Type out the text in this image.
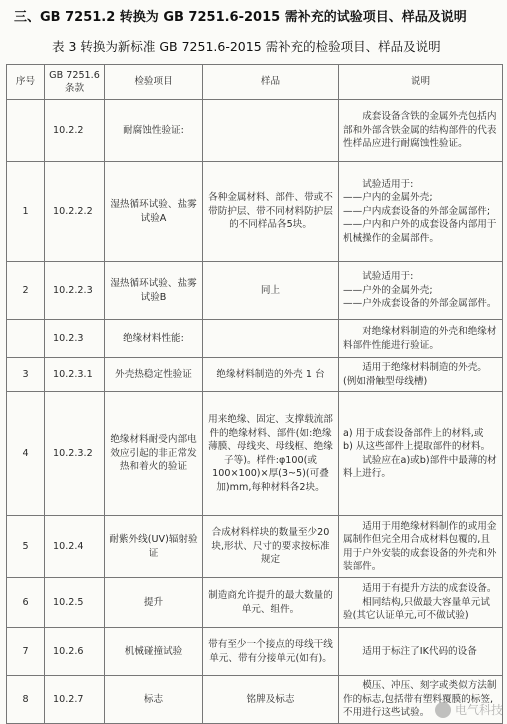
三、GB 7251.2 转换为 GB 7251.6-2015 需补充的试验项目、样品及说明
表 3 转换为新标准 GB 7251.6-2015 需补充的检验项目、样品及说明
序号	GB 7251.6 条款	检验项目	样品	说明
	10.2.2	耐腐蚀性验证:		成套设备含铁的金属外壳包括内部和外部含铁金属的结构部件的代表性样品应进行耐腐蚀性验证。

1	10.2.2.2	湿热循环试验、盐雾试验A	各种金属材料、部件、带或不带防护层、带不同材料防护层的不同样品各5块。	试验适用于:
——户内的金属外壳;
——户内成套设备的外部金属部件;
——户内和户外的成套设备内部用于机械操作的金属部件。

2	10.2.2.3	湿热循环试验、盐雾试验B	同上	试验适用于:
——户外的金属外壳;
——户外成套设备的外部金属部件。

	10.2.3	绝缘材料性能:		对绝缘材料制造的外壳和绝缘材料部件性能进行验证。

3	10.2.3.1	外壳热稳定性验证	绝缘材料制造的外壳 1 台	适用于绝缘材料制造的外壳。(例如滑触型母线槽)

4	10.2.3.2	绝缘材料耐受内部电效应引起的非正常发热和着火的验证	用来绝缘、固定、支撑载流部件的绝缘材料、部件(如:绝缘薄膜、母线夹、母线框、绝缘子等)。样件:φ100(或100×100)×厚(3~5)(可叠加)mm,每种材料各2块。	a) 用于成套设备部件上的材料,或
b) 从这些部件上提取部件的材料。
试验应在a)或b)部件中最薄的材料上进行。

5	10.2.4	耐紫外线(UV)辐射验证	合成材料样块的数量至少20块,形状、尺寸的要求按标准规定	适用于用绝缘材料制作的或用金属制作但完全用合成材料包覆的,且用于户外安装的成套设备的外壳和外装部件。

6	10.2.5	提升	制造商允许提升的最大数量的单元、组件。	适用于有提升方法的成套设备。
相同结构,只做最大容量单元试验(其它认证单元,可不做试验)

7	10.2.6	机械碰撞试验	带有至少一个接点的母线干线单元、带有分接单元(如有)。	适用于标注了IK代码的设备

8	10.2.7	标志	铭牌及标志	模压、冲压、刻字或类似方法制作的标志,包括带有塑料覆膜的标签,不用进行这些试验。	电气科技
